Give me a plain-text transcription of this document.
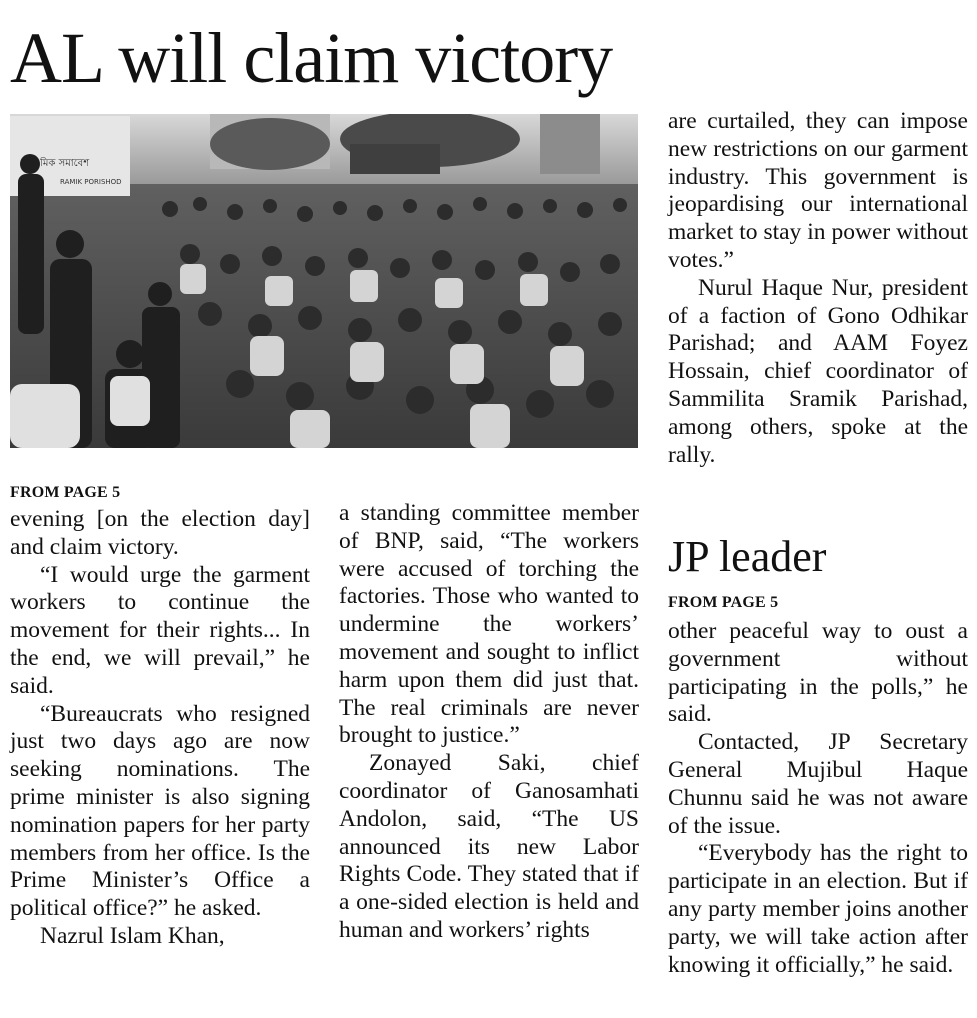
AL will claim victory
মিক সমাবেশ
RAMIK PORISHOD
FROM PAGE 5

evening [on the election day] and claim victory.

“I would urge the garment workers to continue the movement for their rights... In the end, we will prevail,” he said.

“Bureaucrats who resigned just two days ago are now seeking nominations. The prime minister is also signing nomination papers for her party members from her office. Is the Prime Minister’s Office a political office?” he asked.

Nazrul Islam Khan,

a standing committee member of BNP, said, “The workers were accused of torching the factories. Those who wanted to undermine the workers’ movement and sought to inflict harm upon them did just that. The real criminals are never brought to justice.”

Zonayed Saki, chief coordinator of Ganosamhati Andolon, said, “The US announced its new Labor Rights Code. They stated that if a one-sided election is held and human and workers’ rights

are curtailed, they can impose new restrictions on our garment industry. This government is jeopardising our international market to stay in power without votes.”

Nurul Haque Nur, president of a faction of Gono Odhikar Parishad; and AAM Foyez Hossain, chief coordinator of Sammilita Sramik Parishad, among others, spoke at the rally.

JP leader
FROM PAGE 5

other peaceful way to oust a government without participating in the polls,” he said.

Contacted, JP Secretary General Mujibul Haque Chunnu said he was not aware of the issue.

“Everybody has the right to participate in an election. But if any party member joins another party, we will take action after knowing it officially,” he said.
